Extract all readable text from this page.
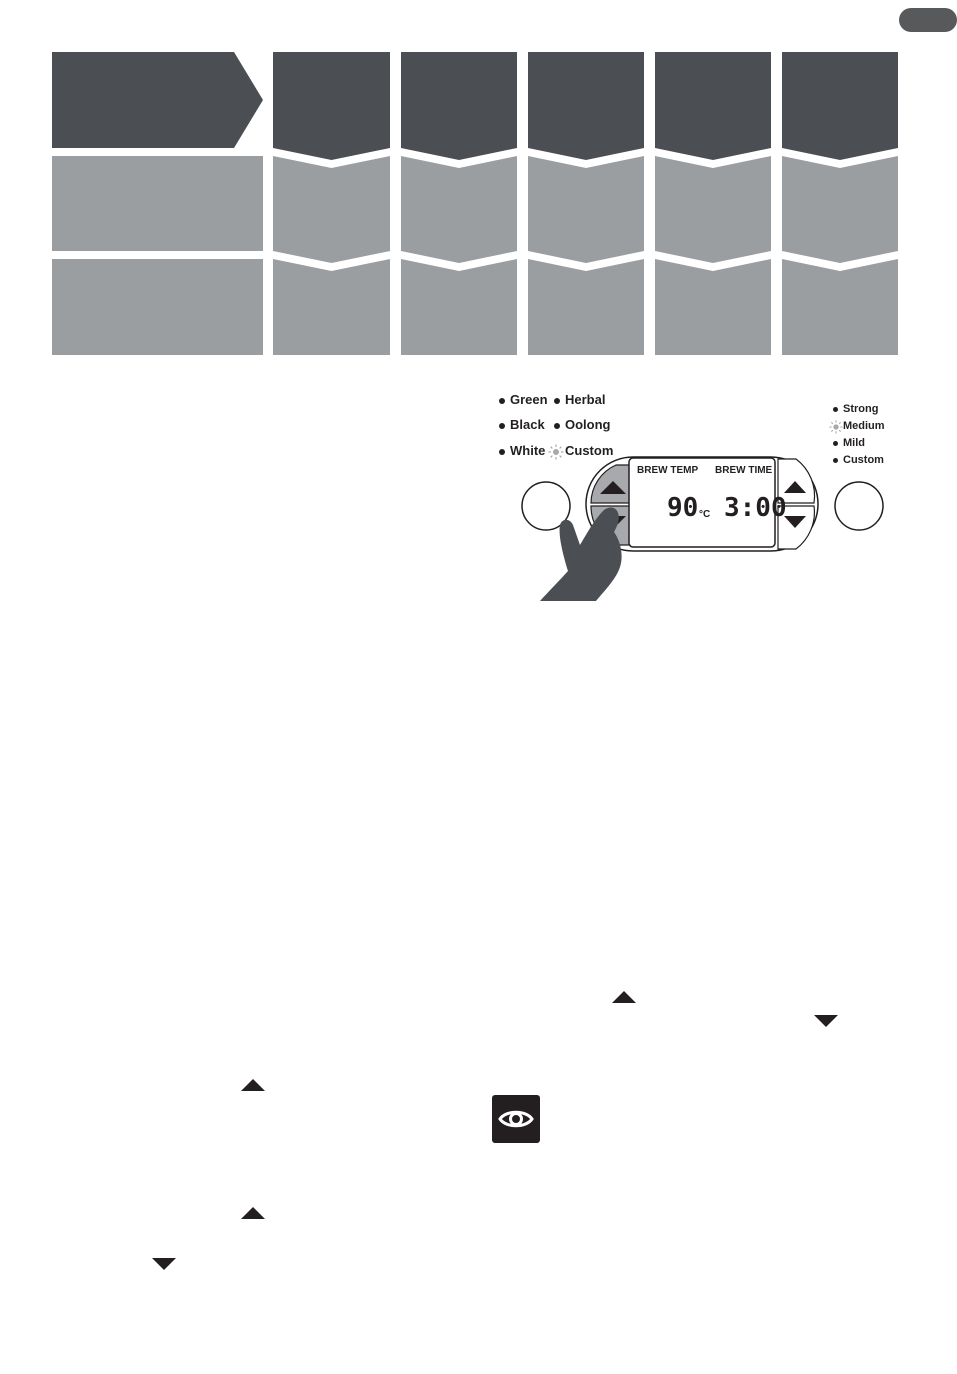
Green
Black
White
Herbal
Oolong
Custom
Strong
Medium
Mild
Custom
BREW TEMP BREW TIME
90 °C 3:00
